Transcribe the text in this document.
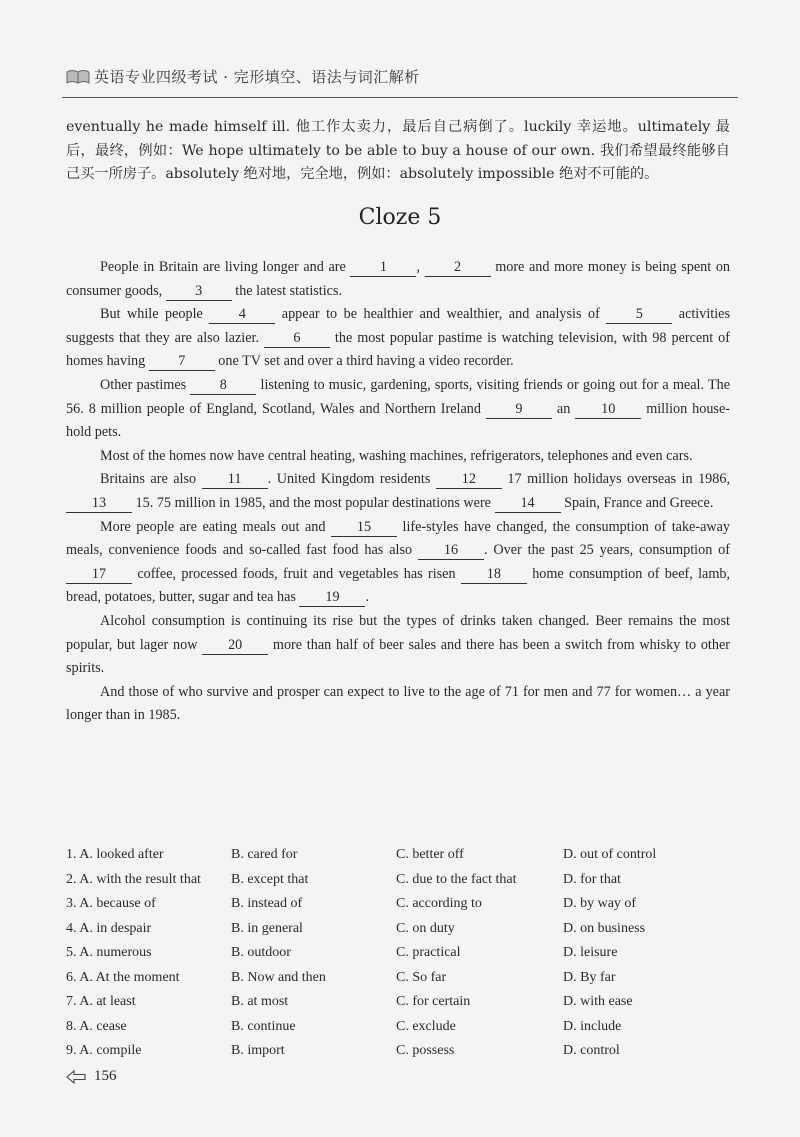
英语专业四级考试 · 完形填空、语法与词汇解析
eventually he made himself ill. 他工作太卖力，最后自己病倒了。luckily 幸运地。ultimately 最后，最终，例如：We hope ultimately to be able to buy a house of our own. 我们希望最终能够自己买一所房子。absolutely 绝对地，完全地，例如：absolutely impossible 绝对不可能的。
Cloze 5

People in Britain are living longer and are 1 , 2 more and more money is being spent on consumer goods, 3 the latest statistics.

But while people 4 appear to be healthier and wealthier, and analysis of 5 activities suggests that they are also lazier. 6 the most popular pastime is watching television, with 98 percent of homes having 7 one TV set and over a third having a video recorder.

Other pastimes 8 listening to music, gardening, sports, visiting friends or going out for a meal. The 56. 8 million people of England, Scotland, Wales and Northern Ireland 9 an 10 million house-hold pets.

Most of the homes now have central heating, washing machines, refrigerators, telephones and even cars.

Britains are also 11 . United Kingdom residents 12 17 million holidays overseas in 1986, 13 15. 75 million in 1985, and the most popular destinations were 14 Spain, France and Greece.

More people are eating meals out and 15 life-styles have changed, the consumption of take-away meals, convenience foods and so-called fast food has also 16 . Over the past 25 years, consumption of 17 coffee, processed foods, fruit and vegetables has risen 18 home consumption of beef, lamb, bread, potatoes, butter, sugar and tea has 19 .

Alcohol consumption is continuing its rise but the types of drinks taken changed. Beer remains the most popular, but lager now 20 more than half of beer sales and there has been a switch from whisky to other spirits.

And those of who survive and prosper can expect to live to the age of 71 for men and 77 for women… a year longer than in 1985.

1. A. looked after	B. cared for	C. better off	D. out of control
2. A. with the result that	B. except that	C. due to the fact that	D. for that
3. A. because of	B. instead of	C. according to	D. by way of
4. A. in despair	B. in general	C. on duty	D. on business
5. A. numerous	B. outdoor	C. practical	D. leisure
6. A. At the moment	B. Now and then	C. So far	D. By far
7. A. at least	B. at most	C. for certain	D. with ease
8. A. cease	B. continue	C. exclude	D. include
9. A. compile	B. import	C. possess	D. control
156
